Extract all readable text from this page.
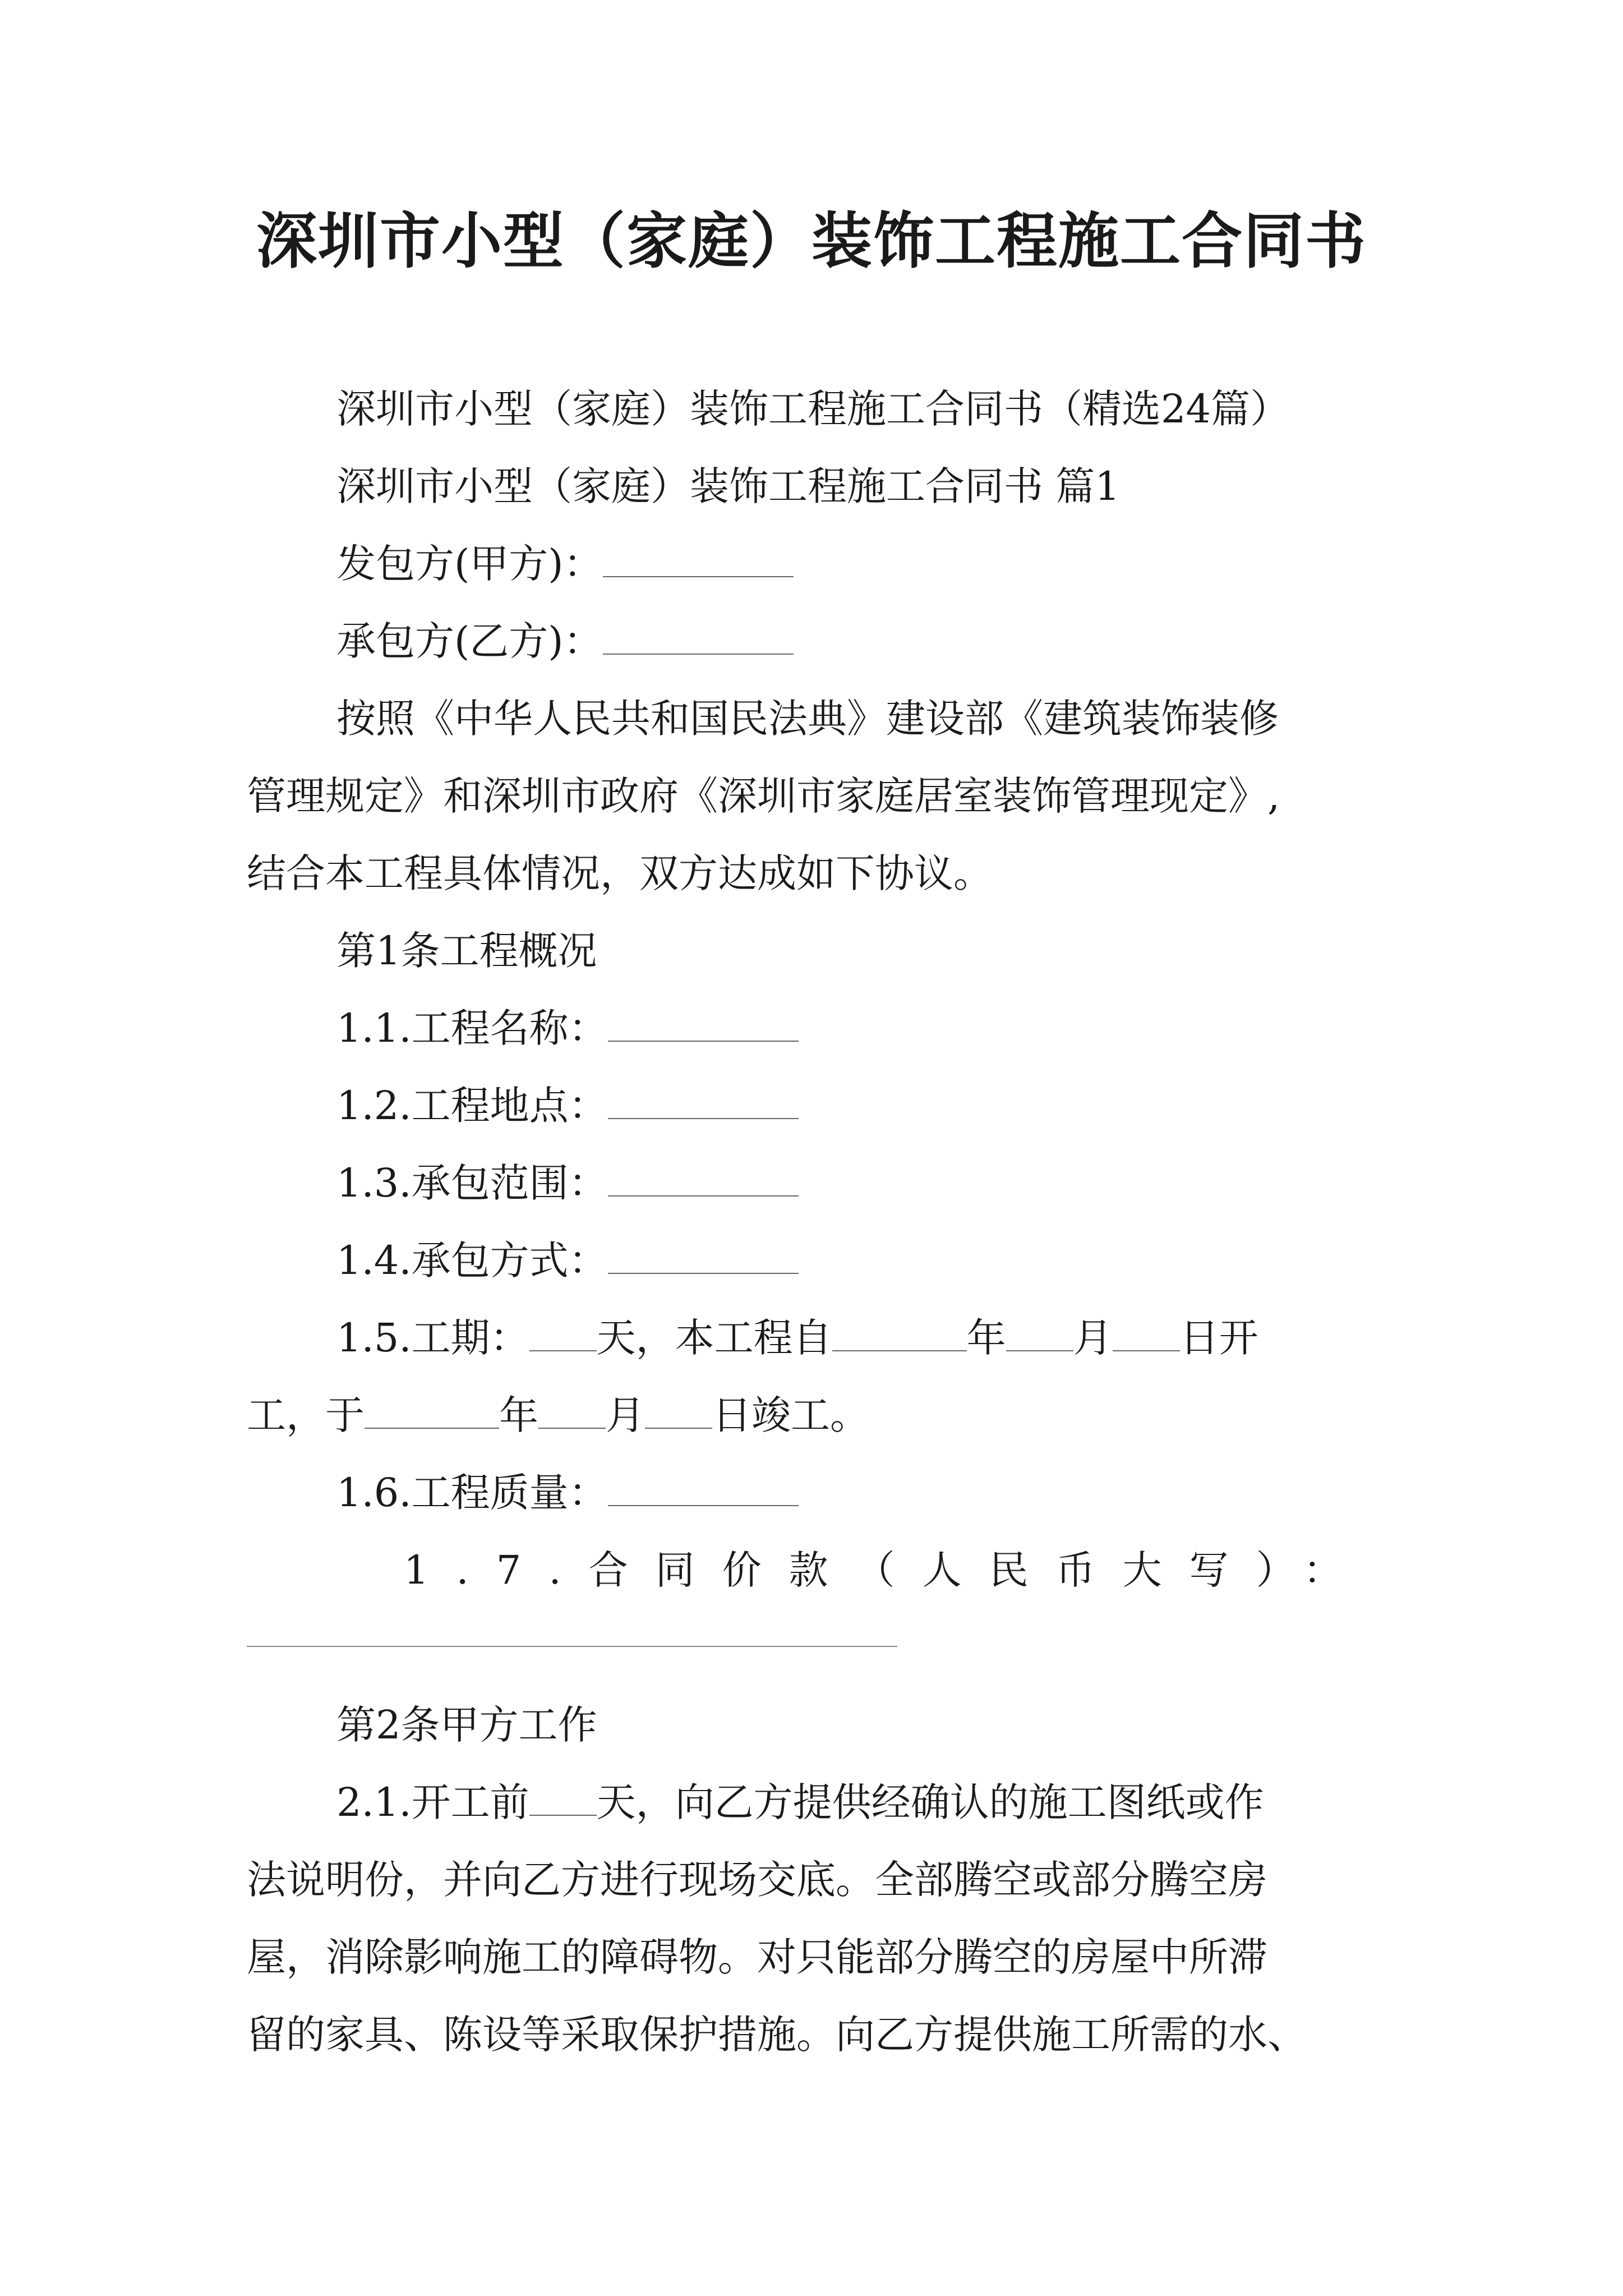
深圳市小型（家庭）装饰工程施工合同书
深圳市小型（家庭）装饰工程施工合同书（精选24篇）
深圳市小型（家庭）装饰工程施工合同书 篇1
发包方(甲方)：
承包方(乙方)：
按照《中华人民共和国民法典》建设部《建筑装饰装修
管理规定》和深圳市政府《深圳市家庭居室装饰管理现定》,
结合本工程具体情况，双方达成如下协议。
第1条工程概况
1.1.工程名称：
1.2.工程地点：
1.3.承包范围：
1.4.承包方式：
1.5.工期： 天，本工程自	年 月 日开
工，于	年 月 日竣工。
1.6.工程质量：
1.7.合同价款（人民币大写）：
第2条甲方工作
2.1.开工前 天，向乙方提供经确认的施工图纸或作
法说明份，并向乙方进行现场交底。全部腾空或部分腾空房
屋，消除影响施工的障碍物。对只能部分腾空的房屋中所滞
留的家具、陈设等采取保护措施。向乙方提供施工所需的水、
